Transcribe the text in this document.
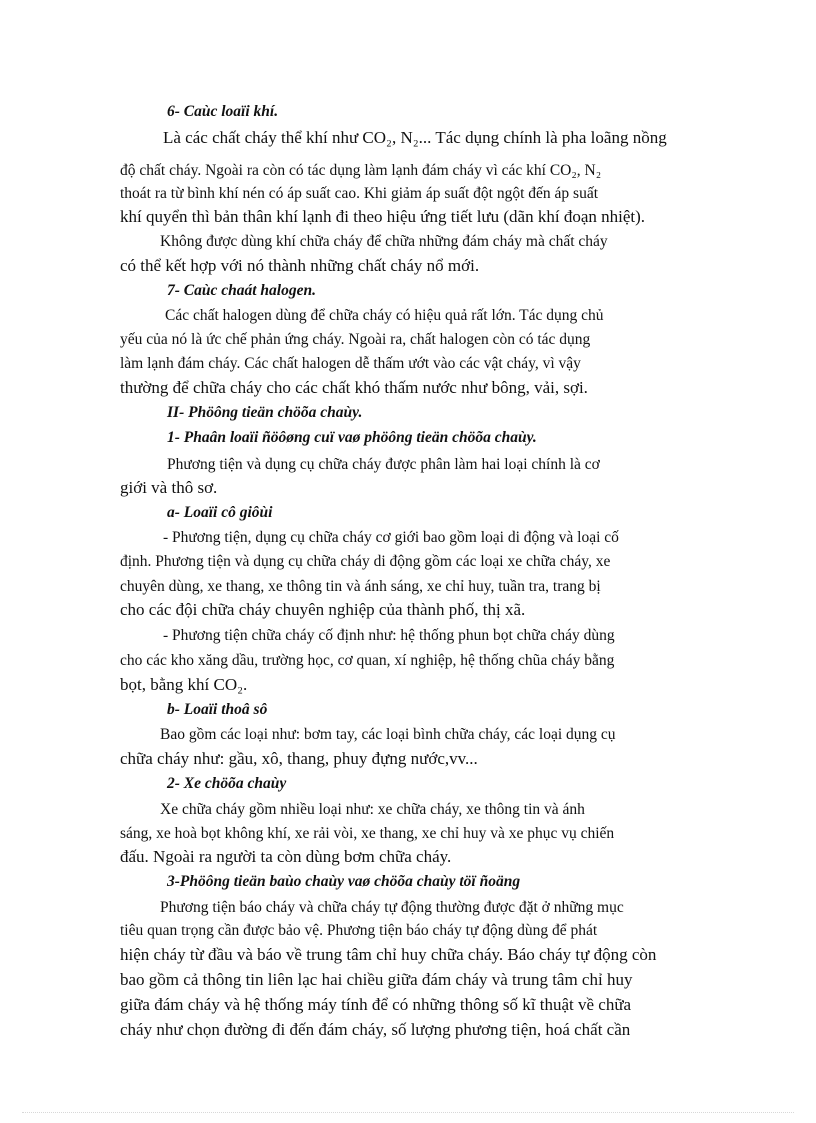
6- Caùc loaïi khí.
Là các chất cháy thể khí như CO₂, N₂... Tác dụng chính là pha loãng nồng
độ chất cháy. Ngoài ra còn có tác dụng làm lạnh đám cháy vì các khí CO₂, N₂
thoát ra từ bình khí nén có áp suất cao. Khi giảm áp suất đột ngột đến áp suất
khí quyển thì bản thân khí lạnh đi theo hiệu ứng tiết lưu (dãn khí đoạn nhiệt).
Không được dùng khí chữa cháy để chữa những đám cháy mà chất cháy
có thể kết hợp với nó thành những chất cháy nổ mới.
7- Caùc chaát halogen.
Các chất halogen dùng để chữa cháy có hiệu quả rất lớn. Tác dụng chủ
yếu của nó là ức chế phản ứng cháy. Ngoài ra, chất halogen còn có tác dụng
làm lạnh đám cháy. Các chất halogen dễ thấm ướt vào các vật cháy, vì vậy
thường để chữa cháy cho các chất khó thấm nước như bông, vải, sợi.
II- Phöông tieän chöõa chaùy.
1- Phaân loaïi ñöôøng cuï vaø phöông tieän chöõa chaùy.
Phương tiện và dụng cụ chữa cháy được phân làm hai loại chính là cơ
giới và thô sơ.
a- Loaïi cô giôùi
- Phương tiện, dụng cụ chữa cháy cơ giới bao gồm loại di động và loại cố
định. Phương tiện và dụng cụ chữa cháy di động gồm các loại xe chữa cháy, xe
chuyên dùng, xe thang, xe thông tin và ánh sáng, xe chỉ huy, tuần tra, trang bị
cho các đội chữa cháy chuyên nghiệp của thành phố, thị xã.
- Phương tiện chữa cháy cố định như: hệ thống phun bọt chữa cháy dùng
cho các kho xăng dầu, trường học, cơ quan, xí nghiệp, hệ thống chũa cháy bằng
bọt, bằng khí CO₂.
b- Loaïi thoâ sô
Bao gồm các loại như: bơm tay, các loại bình chữa cháy, các loại dụng cụ
chữa cháy như: gầu, xô, thang, phuy đựng nước,vv...
2- Xe chöõa chaùy
Xe chữa cháy gồm nhiều loại như: xe chữa cháy, xe thông tin và ánh
sáng, xe hoà bọt không khí, xe rải vòi, xe thang, xe chỉ huy và xe phục vụ chiến
đấu. Ngoài ra người ta còn dùng bơm chữa cháy.
3-Phöông tieän baùo chaùy vaø chöõa chaùy töï ñoäng
Phương tiện báo cháy và chữa cháy tự động thường được đặt ở những mục
tiêu quan trọng cần được bảo vệ. Phương tiện báo cháy tự động dùng để phát
hiện cháy từ đầu và báo về trung tâm chỉ huy chữa cháy. Báo cháy tự động còn
bao gồm cả thông tin liên lạc hai chiều giữa đám cháy và trung tâm chỉ huy
giữa đám cháy và hệ thống máy tính để có những thông số kĩ thuật về chữa
cháy như chọn đường đi đến đám cháy, số lượng phương tiện, hoá chất cần
